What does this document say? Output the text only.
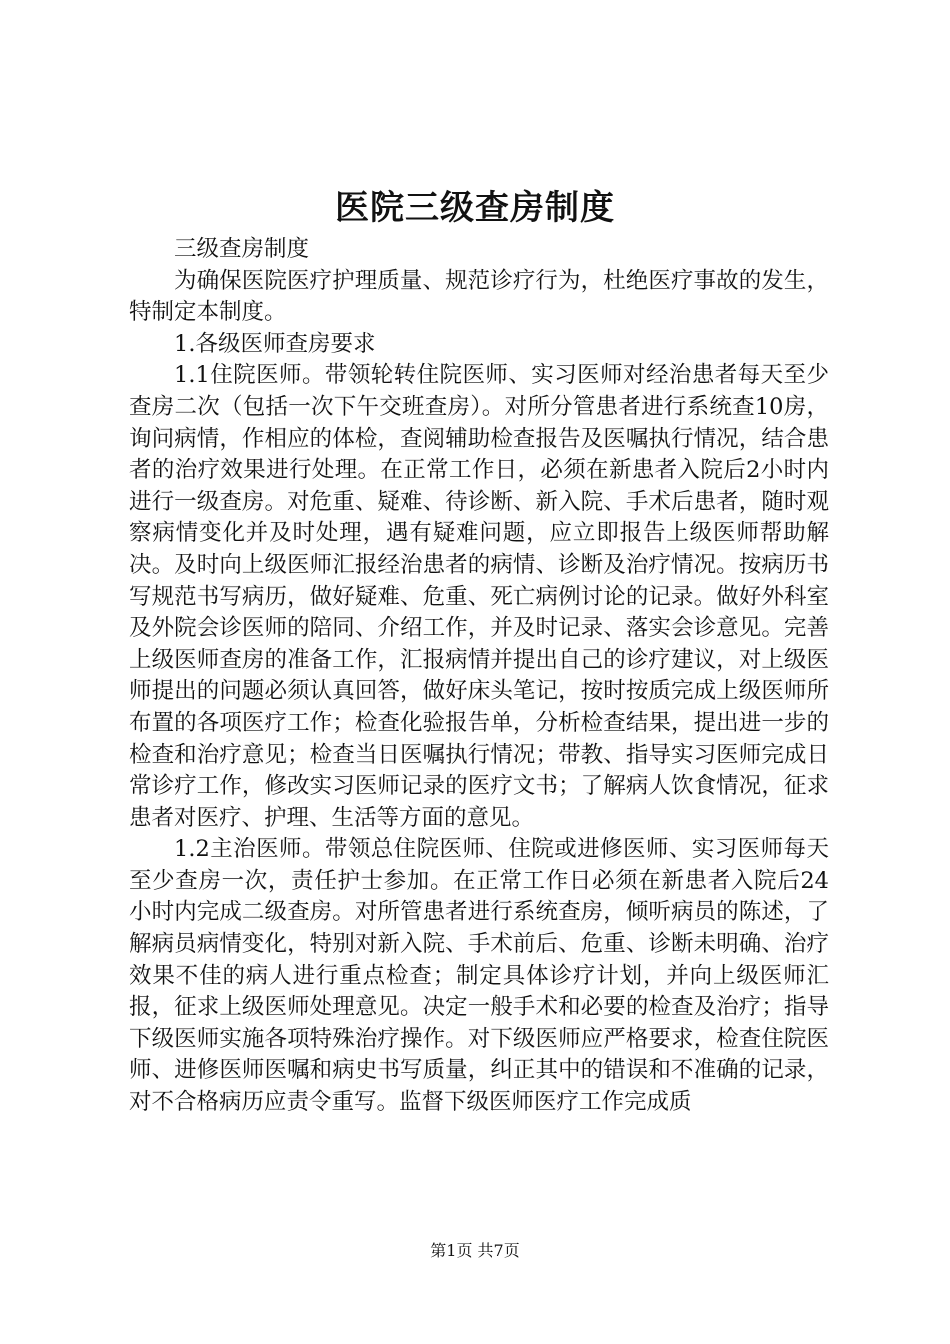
医院三级查房制度

三级查房制度

为确保医院医疗护理质量、规范诊疗行为，杜绝医疗事故的发生，特制定本制度。

1.各级医师查房要求

1.1住院医师。带领轮转住院医师、实习医师对经治患者每天至少查房二次（包括一次下午交班查房）。对所分管患者进行系统查10房，询问病情，作相应的体检，查阅辅助检查报告及医嘱执行情况，结合患者的治疗效果进行处理。在正常工作日，必须在新患者入院后2小时内进行一级查房。对危重、疑难、待诊断、新入院、手术后患者，随时观察病情变化并及时处理，遇有疑难问题，应立即报告上级医师帮助解决。及时向上级医师汇报经治患者的病情、诊断及治疗情况。按病历书写规范书写病历，做好疑难、危重、死亡病例讨论的记录。做好外科室及外院会诊医师的陪同、介绍工作，并及时记录、落实会诊意见。完善上级医师查房的准备工作，汇报病情并提出自己的诊疗建议，对上级医师提出的问题必须认真回答，做好床头笔记，按时按质完成上级医师所布置的各项医疗工作；检查化验报告单，分析检查结果，提出进一步的检查和治疗意见；检查当日医嘱执行情况；带教、指导实习医师完成日常诊疗工作，修改实习医师记录的医疗文书；了解病人饮食情况，征求患者对医疗、护理、生活等方面的意见。

1.2主治医师。带领总住院医师、住院或进修医师、实习医师每天至少查房一次，责任护士参加。在正常工作日必须在新患者入院后24小时内完成二级查房。对所管患者进行系统查房，倾听病员的陈述，了解病员病情变化，特别对新入院、手术前后、危重、诊断未明确、治疗效果不佳的病人进行重点检查；制定具体诊疗计划，并向上级医师汇报，征求上级医师处理意见。决定一般手术和必要的检查及治疗；指导下级医师实施各项特殊治疗操作。对下级医师应严格要求，检查住院医师、进修医师医嘱和病史书写质量，纠正其中的错误和不准确的记录，对不合格病历应责令重写。监督下级医师医疗工作完成质

第1页 共7页
